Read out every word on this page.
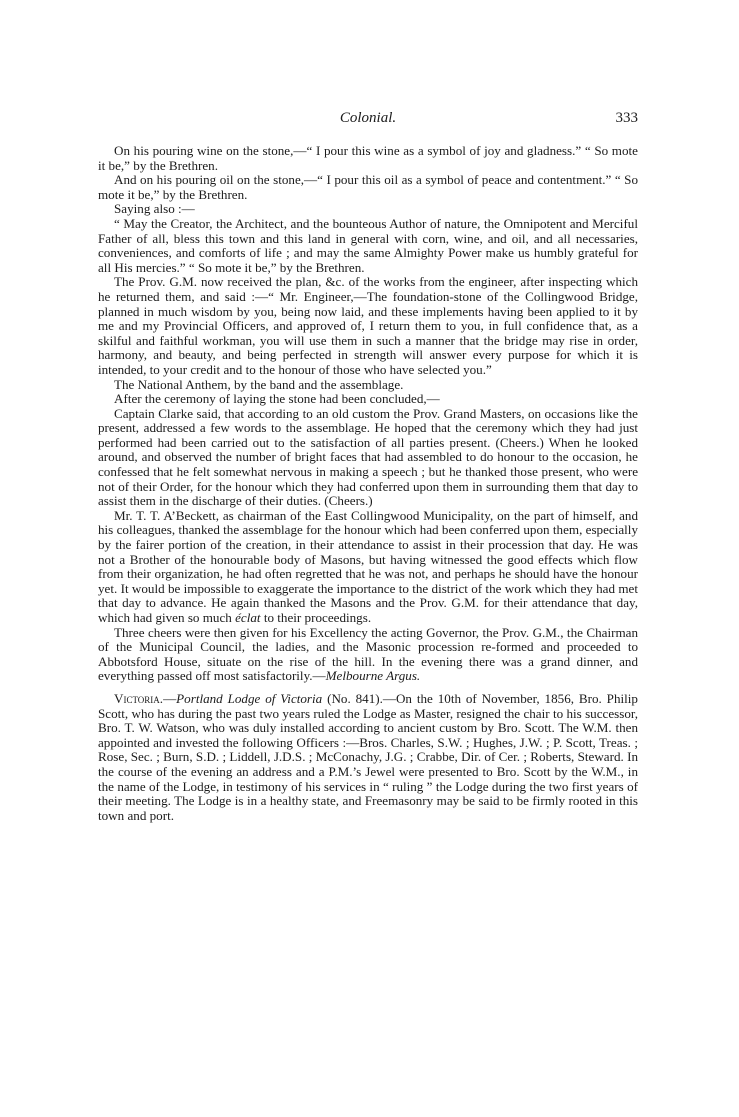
Colonial.	333

On his pouring wine on the stone,—“ I pour this wine as a symbol of joy and gladness.” “ So mote it be,” by the Brethren.

And on his pouring oil on the stone,—“ I pour this oil as a symbol of peace and contentment.” “ So mote it be,” by the Brethren.

Saying also :—

“ May the Creator, the Architect, and the bounteous Author of nature, the Omnipotent and Merciful Father of all, bless this town and this land in general with corn, wine, and oil, and all necessaries, conveniences, and comforts of life ; and may the same Almighty Power make us humbly grateful for all His mercies.” “ So mote it be,” by the Brethren.

The Prov. G.M. now received the plan, &c. of the works from the engineer, after inspecting which he returned them, and said :—“ Mr. Engineer,—The foundation-stone of the Collingwood Bridge, planned in much wisdom by you, being now laid, and these implements having been applied to it by me and my Provincial Officers, and approved of, I return them to you, in full confidence that, as a skilful and faithful workman, you will use them in such a manner that the bridge may rise in order, harmony, and beauty, and being perfected in strength will answer every purpose for which it is intended, to your credit and to the honour of those who have selected you.”

The National Anthem, by the band and the assemblage.

After the ceremony of laying the stone had been concluded,—

Captain Clarke said, that according to an old custom the Prov. Grand Masters, on occasions like the present, addressed a few words to the assemblage. He hoped that the ceremony which they had just performed had been carried out to the satisfaction of all parties present. (Cheers.) When he looked around, and observed the number of bright faces that had assembled to do honour to the occasion, he confessed that he felt somewhat nervous in making a speech ; but he thanked those present, who were not of their Order, for the honour which they had conferred upon them in surrounding them that day to assist them in the discharge of their duties. (Cheers.)

Mr. T. T. A’Beckett, as chairman of the East Collingwood Municipality, on the part of himself, and his colleagues, thanked the assemblage for the honour which had been conferred upon them, especially by the fairer portion of the creation, in their attendance to assist in their procession that day. He was not a Brother of the honourable body of Masons, but having witnessed the good effects which flow from their organization, he had often regretted that he was not, and perhaps he should have the honour yet. It would be impossible to exaggerate the importance to the district of the work which they had met that day to advance. He again thanked the Masons and the Prov. G.M. for their attendance that day, which had given so much éclat to their proceedings.

Three cheers were then given for his Excellency the acting Governor, the Prov. G.M., the Chairman of the Municipal Council, the ladies, and the Masonic procession re-formed and proceeded to Abbotsford House, situate on the rise of the hill. In the evening there was a grand dinner, and everything passed off most satisfactorily.—Melbourne Argus.

Victoria.—Portland Lodge of Victoria (No. 841).—On the 10th of November, 1856, Bro. Philip Scott, who has during the past two years ruled the Lodge as Master, resigned the chair to his successor, Bro. T. W. Watson, who was duly installed according to ancient custom by Bro. Scott. The W.M. then appointed and invested the following Officers :—Bros. Charles, S.W. ; Hughes, J.W. ; P. Scott, Treas. ; Rose, Sec. ; Burn, S.D. ; Liddell, J.D.S. ; McConachy, J.G. ; Crabbe, Dir. of Cer. ; Roberts, Steward. In the course of the evening an address and a P.M.’s Jewel were presented to Bro. Scott by the W.M., in the name of the Lodge, in testimony of his services in “ ruling ” the Lodge during the two first years of their meeting. The Lodge is in a healthy state, and Freemasonry may be said to be firmly rooted in this town and port.
